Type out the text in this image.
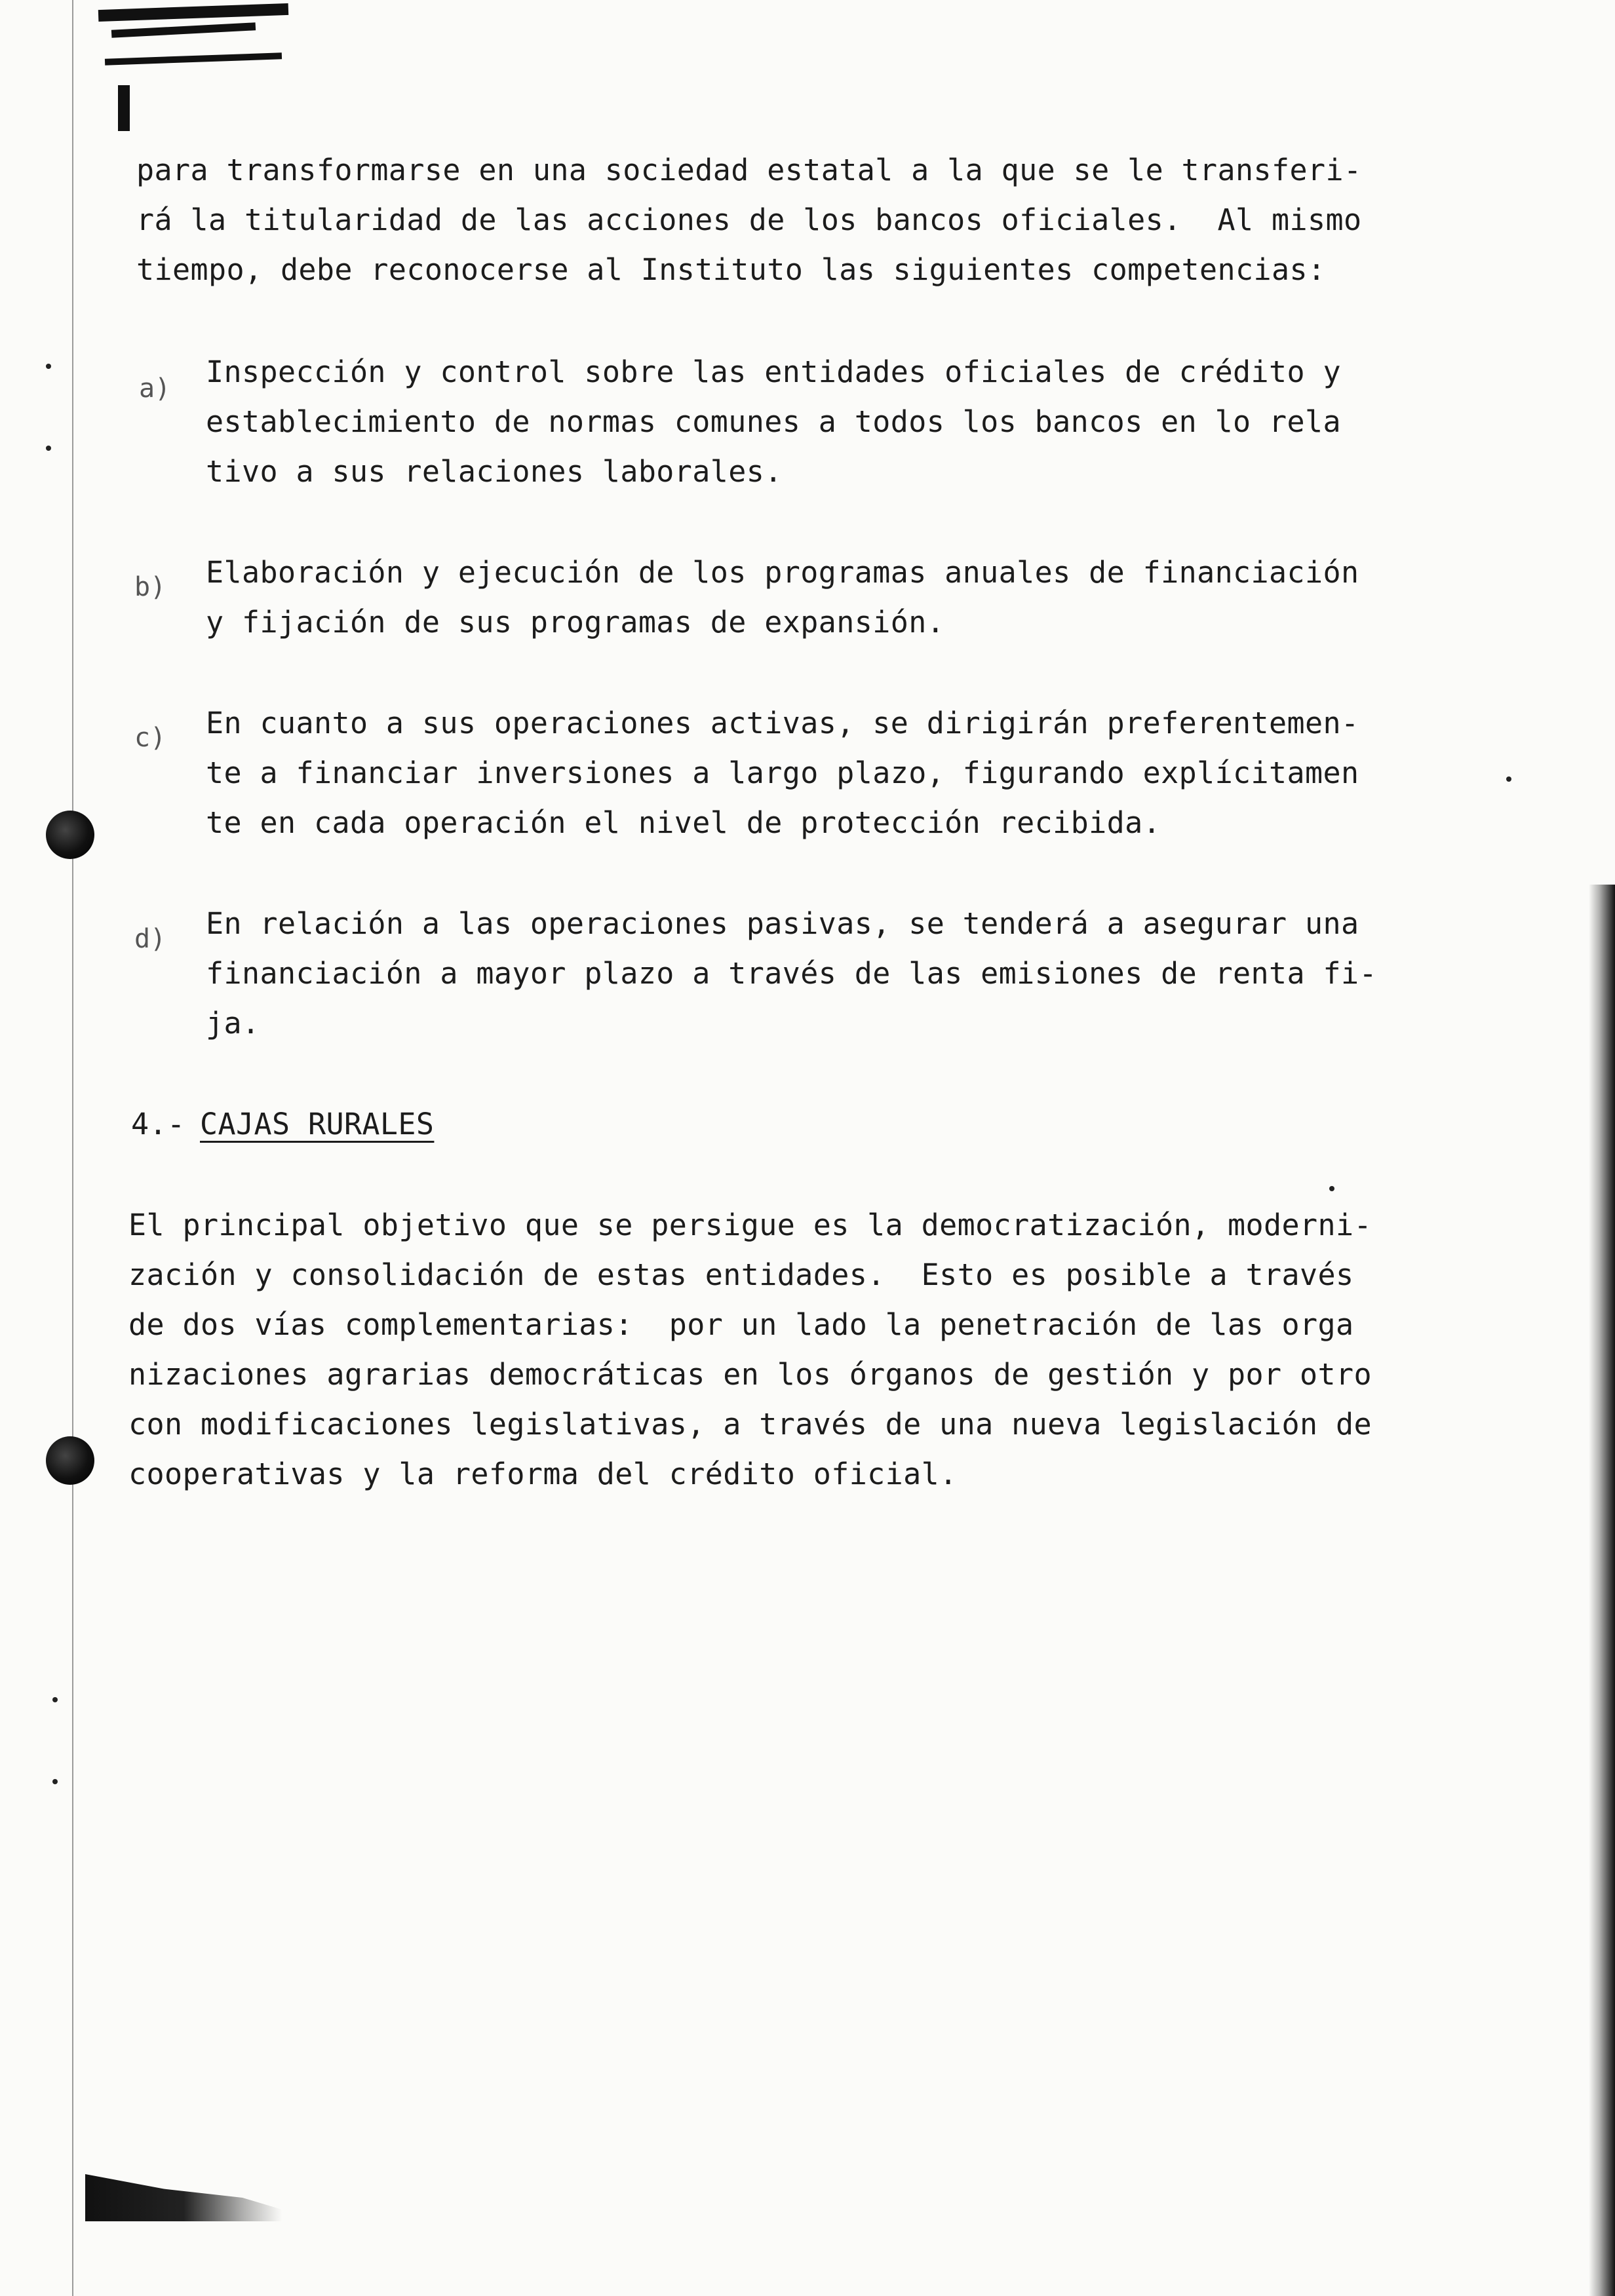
para transformarse en una sociedad estatal a la que se le transferi-
rá la titularidad de las acciones de los bancos oficiales.  Al mismo
tiempo, debe reconocerse al Instituto las siguientes competencias:
a) Inspección y control sobre las entidades oficiales de crédito y
establecimiento de normas comunes a todos los bancos en lo rela
tivo a sus relaciones laborales.
b) Elaboración y ejecución de los programas anuales de financiación
y fijación de sus programas de expansión.
c) En cuanto a sus operaciones activas, se dirigirán preferentemen-
te a financiar inversiones a largo plazo, figurando explícitamen
te en cada operación el nivel de protección recibida.
d) En relación a las operaciones pasivas, se tenderá a asegurar una
financiación a mayor plazo a través de las emisiones de renta fi-
ja.
4.- CAJAS RURALES
El principal objetivo que se persigue es la democratización, moderni-
zación y consolidación de estas entidades.  Esto es posible a través
de dos vías complementarias:  por un lado la penetración de las orga
nizaciones agrarias democráticas en los órganos de gestión y por otro
con modificaciones legislativas, a través de una nueva legislación de
cooperativas y la reforma del crédito oficial.
